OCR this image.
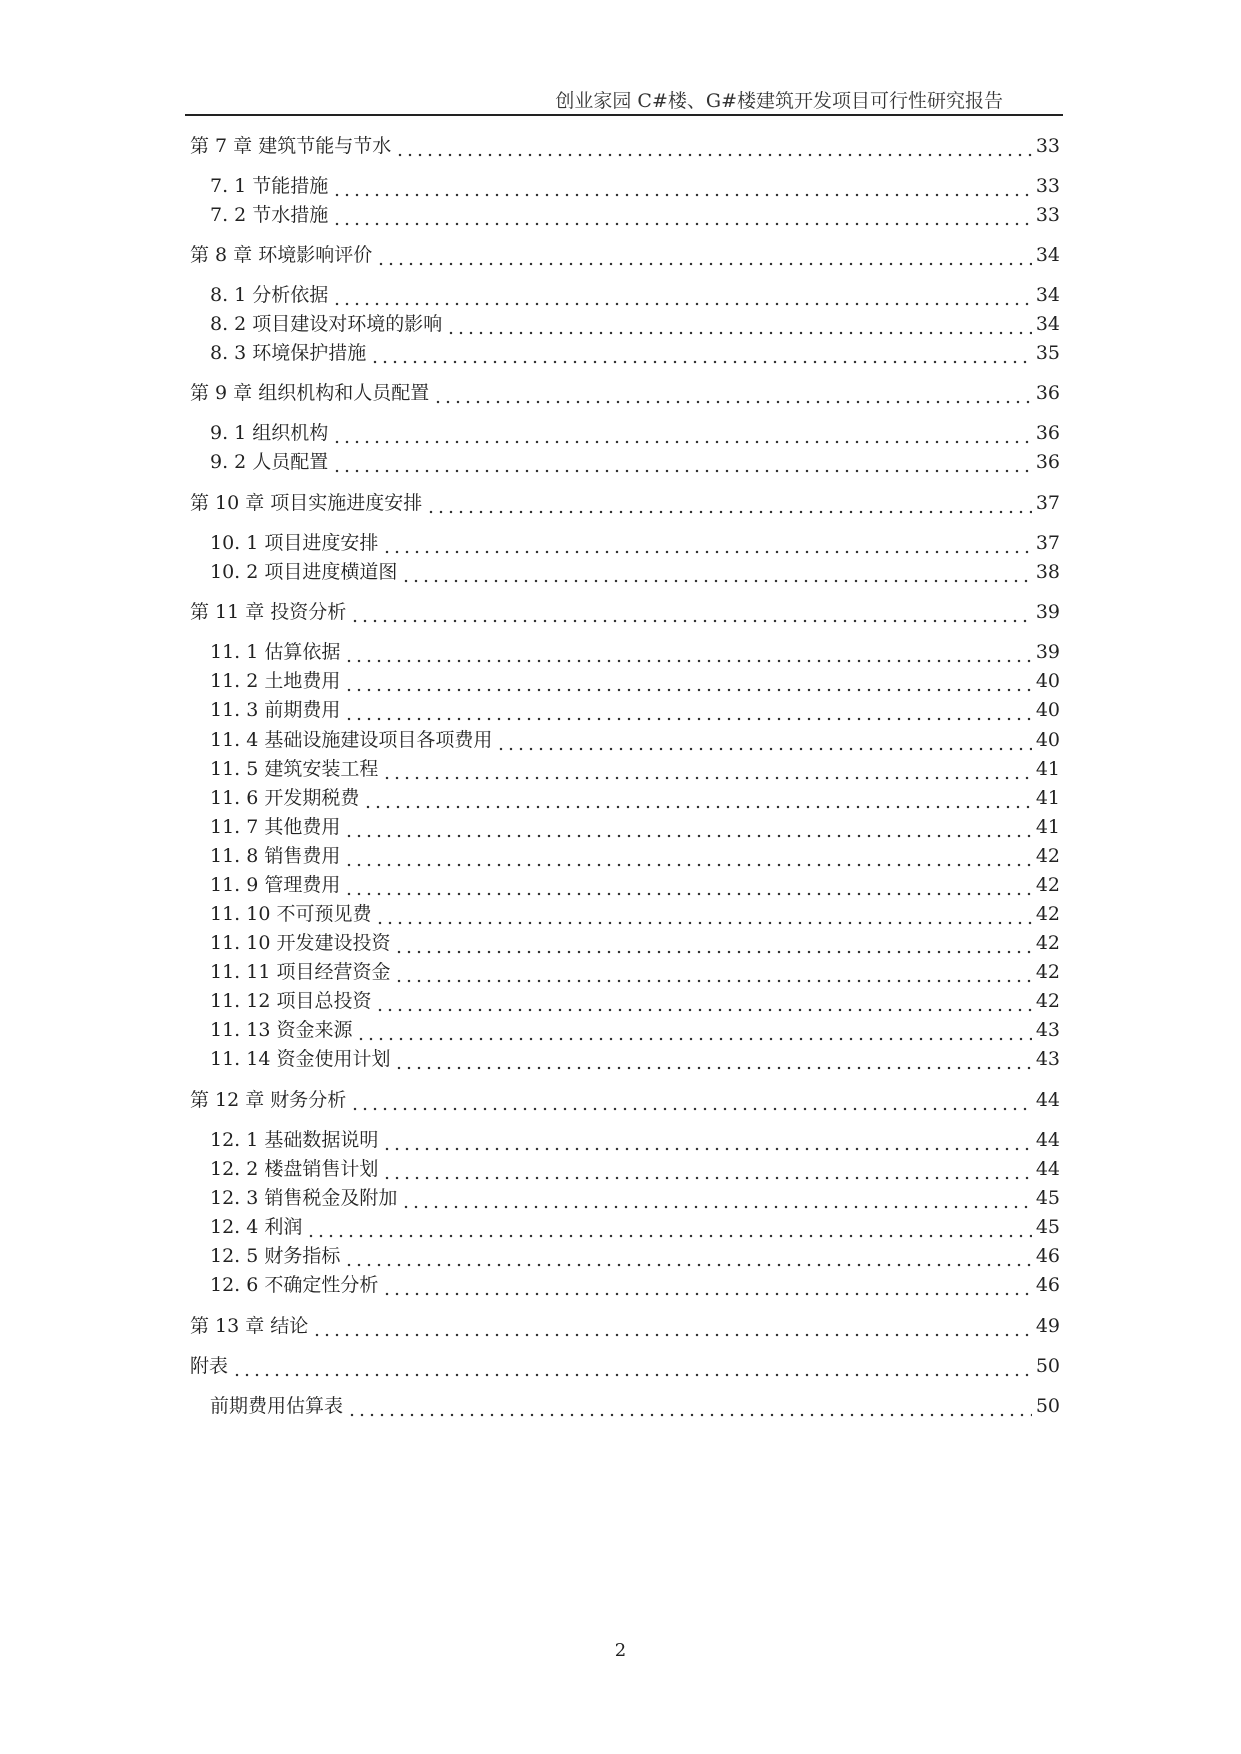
创业家园 C#楼、G#楼建筑开发项目可行性研究报告
第 7 章 建筑节能与节水	33
7. 1 节能措施	33
7. 2 节水措施	33
第 8 章 环境影响评价	34
8. 1 分析依据	34
8. 2 项目建设对环境的影响	34
8. 3 环境保护措施	35
第 9 章 组织机构和人员配置	36
9. 1 组织机构	36
9. 2 人员配置	36
第 10 章 项目实施进度安排	37
10. 1 项目进度安排	37
10. 2 项目进度横道图	38
第 11 章 投资分析	39
11. 1 估算依据	39
11. 2 土地费用	40
11. 3 前期费用	40
11. 4 基础设施建设项目各项费用	40
11. 5 建筑安装工程	41
11. 6 开发期税费	41
11. 7 其他费用	41
11. 8 销售费用	42
11. 9 管理费用	42
11. 10 不可预见费	42
11. 10 开发建设投资	42
11. 11 项目经营资金	42
11. 12 项目总投资	42
11. 13 资金来源	43
11. 14 资金使用计划	43
第 12 章 财务分析	44
12. 1 基础数据说明	44
12. 2 楼盘销售计划	44
12. 3 销售税金及附加	45
12. 4 利润	45
12. 5 财务指标	46
12. 6 不确定性分析	46
第 13 章 结论	49
附表	50
前期费用估算表	50
2
